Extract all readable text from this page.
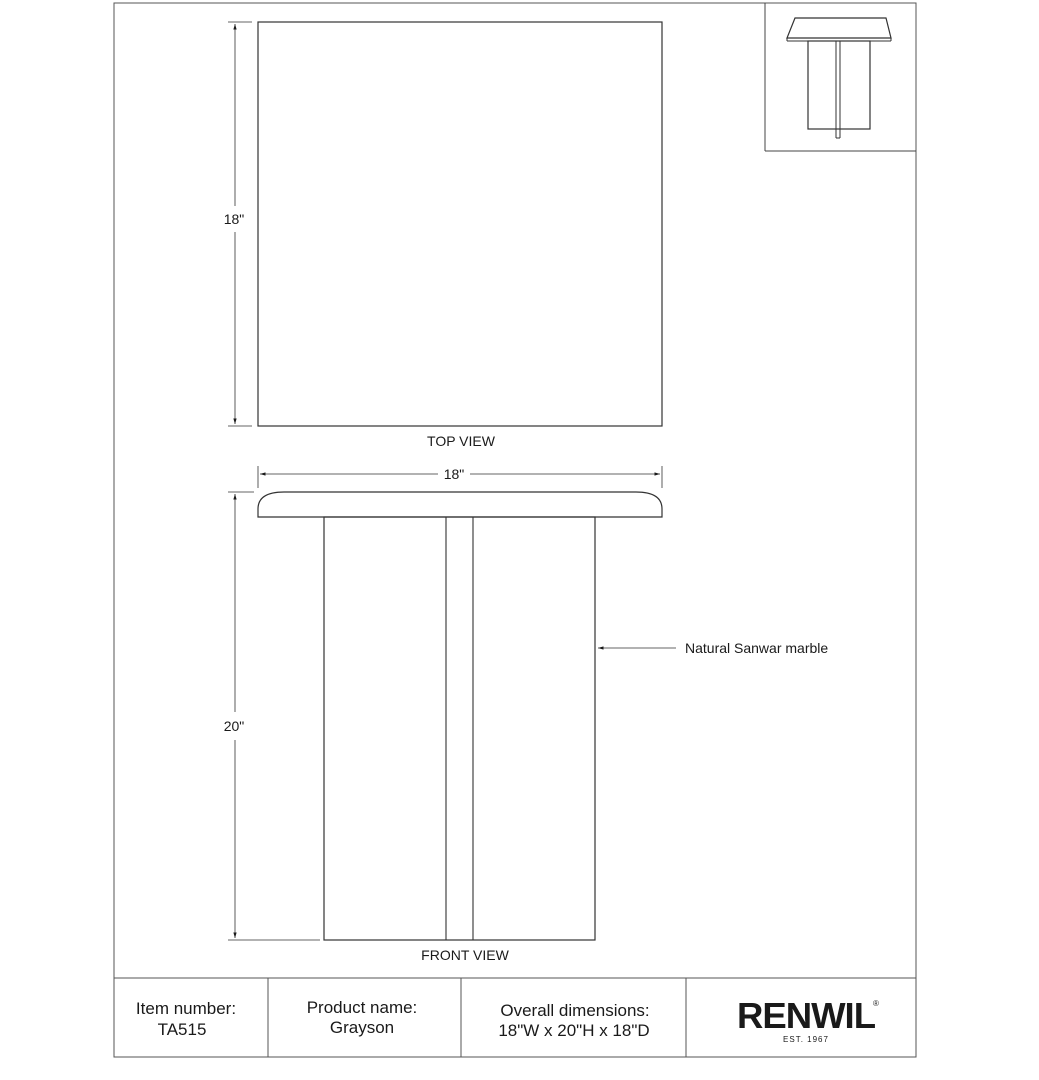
18"
TOP VIEW
18"
20"
Natural Sanwar marble
FRONT VIEW
Item number:
TA515
Product name:
Grayson
Overall dimensions:
18"W x 20"H x 18"D RENWIL
®
EST. 1967
